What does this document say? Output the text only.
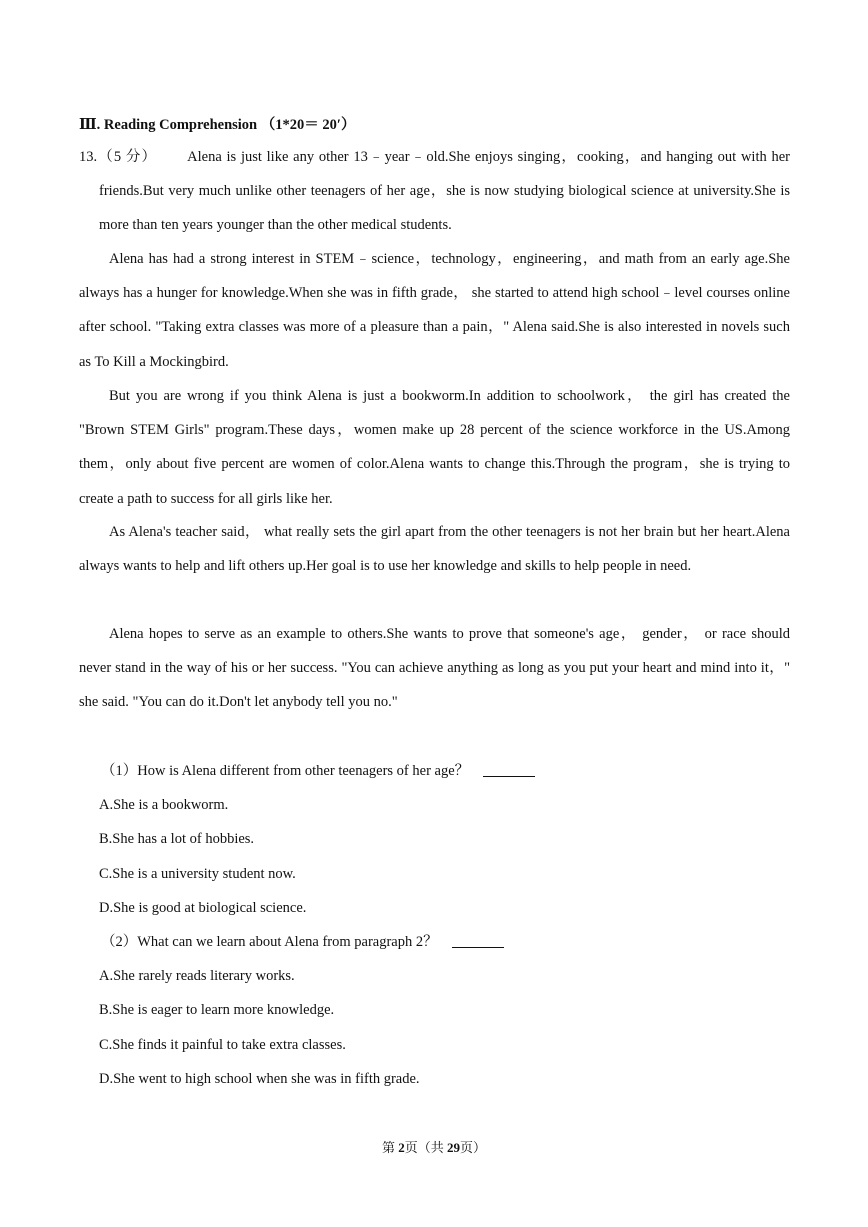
Ⅲ. Reading Comprehension （1*20＝ 20′）
13.（5 分） Alena is just like any other 13﹣year﹣old.She enjoys singing，cooking，and hanging out with her friends.But very much unlike other teenagers of her age，she is now studying biological science at university.She is more than ten years younger than the other medical students.
Alena has had a strong interest in STEM﹣science，technology，engineering，and math from an early age.She always has a hunger for knowledge.When she was in fifth grade， she started to attend high school﹣level courses online after school. "Taking extra classes was more of a pleasure than a pain，" Alena said.She is also interested in novels such as To Kill a Mockingbird.
But you are wrong if you think Alena is just a bookworm.In addition to schoolwork， the girl has created the "Brown STEM Girls" program.These days，women make up 28 percent of the science workforce in the US.Among them，only about five percent are women of color.Alena wants to change this.Through the program，she is trying to create a path to success for all girls like her.
As Alena's teacher said， what really sets the girl apart from the other teenagers is not her brain but her heart.Alena always wants to help and lift others up.Her goal is to use her knowledge and skills to help people in need.
Alena hopes to serve as an example to others.She wants to prove that someone's age， gender， or race should never stand in the way of his or her success. "You can achieve anything as long as you put your heart and mind into it，" she said. "You can do it.Don't let anybody tell you no."
（1）How is Alena different from other teenagers of her age？
A.She is a bookworm.
B.She has a lot of hobbies.
C.She is a university student now.
D.She is good at biological science.
（2）What can we learn about Alena from paragraph 2？
A.She rarely reads literary works.
B.She is eager to learn more knowledge.
C.She finds it painful to take extra classes.
D.She went to high school when she was in fifth grade.
第 2页（共 29页）
